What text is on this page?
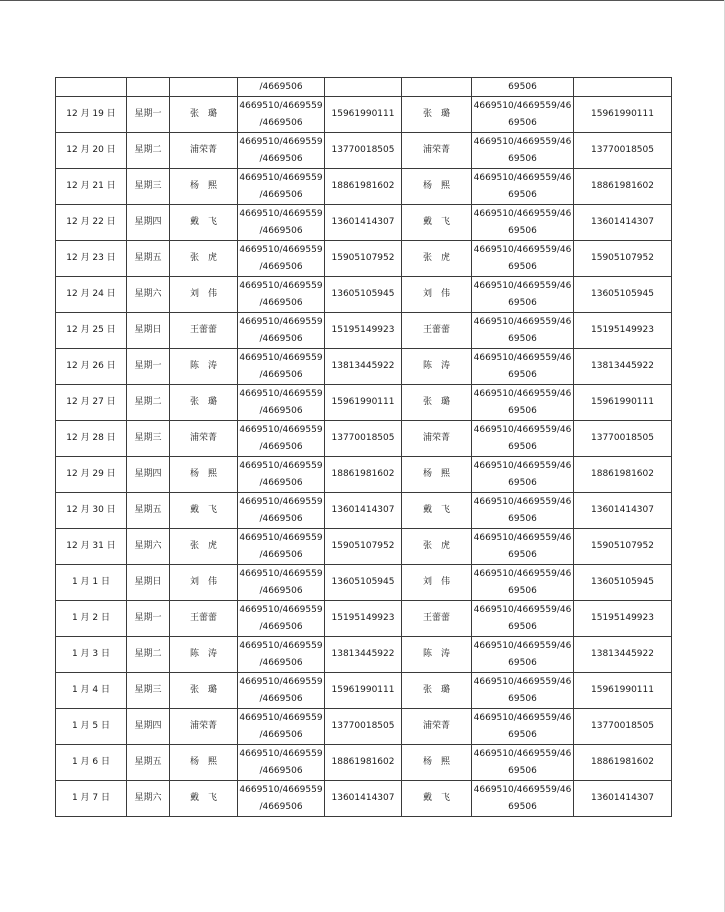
			/4669506			69506	

12 月 19 日	星期一	张　璐	4669510/4669559
/4669506	15961990111	张　璐	4669510/4669559/46
69506	15961990111
12 月 20 日	星期二	浦荣菁	4669510/4669559
/4669506	13770018505	浦荣菁	4669510/4669559/46
69506	13770018505
12 月 21 日	星期三	杨　熙	4669510/4669559
/4669506	18861981602	杨　熙	4669510/4669559/46
69506	18861981602
12 月 22 日	星期四	戴　飞	4669510/4669559
/4669506	13601414307	戴　飞	4669510/4669559/46
69506	13601414307
12 月 23 日	星期五	张　虎	4669510/4669559
/4669506	15905107952	张　虎	4669510/4669559/46
69506	15905107952
12 月 24 日	星期六	刘　伟	4669510/4669559
/4669506	13605105945	刘　伟	4669510/4669559/46
69506	13605105945
12 月 25 日	星期日	王蕾蕾	4669510/4669559
/4669506	15195149923	王蕾蕾	4669510/4669559/46
69506	15195149923
12 月 26 日	星期一	陈　涛	4669510/4669559
/4669506	13813445922	陈　涛	4669510/4669559/46
69506	13813445922
12 月 27 日	星期二	张　璐	4669510/4669559
/4669506	15961990111	张　璐	4669510/4669559/46
69506	15961990111
12 月 28 日	星期三	浦荣菁	4669510/4669559
/4669506	13770018505	浦荣菁	4669510/4669559/46
69506	13770018505
12 月 29 日	星期四	杨　熙	4669510/4669559
/4669506	18861981602	杨　熙	4669510/4669559/46
69506	18861981602
12 月 30 日	星期五	戴　飞	4669510/4669559
/4669506	13601414307	戴　飞	4669510/4669559/46
69506	13601414307
12 月 31 日	星期六	张　虎	4669510/4669559
/4669506	15905107952	张　虎	4669510/4669559/46
69506	15905107952
1 月 1 日	星期日	刘　伟	4669510/4669559
/4669506	13605105945	刘　伟	4669510/4669559/46
69506	13605105945
1 月 2 日	星期一	王蕾蕾	4669510/4669559
/4669506	15195149923	王蕾蕾	4669510/4669559/46
69506	15195149923
1 月 3 日	星期二	陈　涛	4669510/4669559
/4669506	13813445922	陈　涛	4669510/4669559/46
69506	13813445922
1 月 4 日	星期三	张　璐	4669510/4669559
/4669506	15961990111	张　璐	4669510/4669559/46
69506	15961990111
1 月 5 日	星期四	浦荣菁	4669510/4669559
/4669506	13770018505	浦荣菁	4669510/4669559/46
69506	13770018505
1 月 6 日	星期五	杨　熙	4669510/4669559
/4669506	18861981602	杨　熙	4669510/4669559/46
69506	18861981602
1 月 7 日	星期六	戴　飞	4669510/4669559
/4669506	13601414307	戴　飞	4669510/4669559/46
69506	13601414307
